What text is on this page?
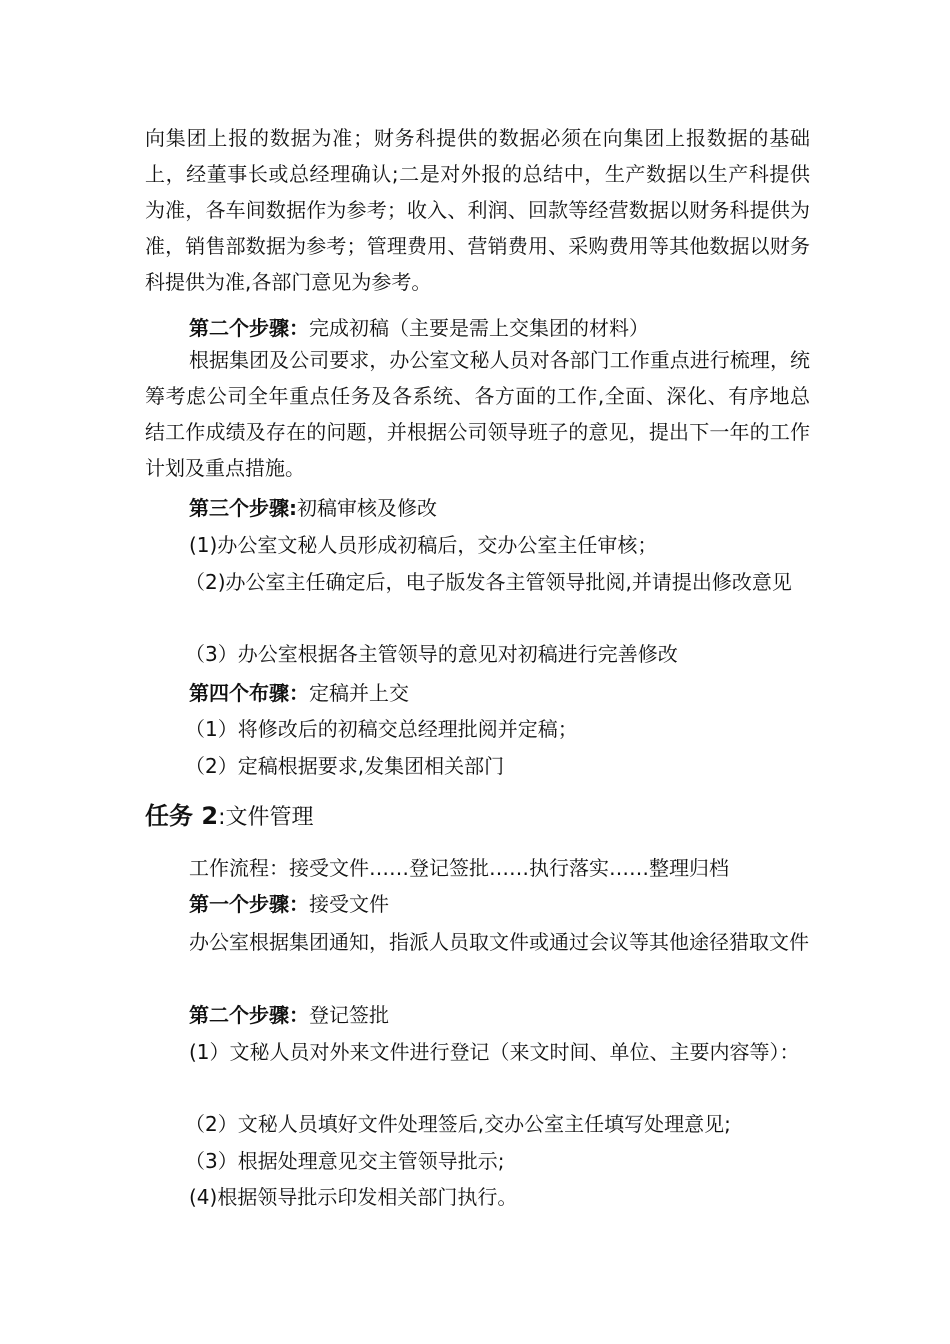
向集团上报的数据为准；财务科提供的数据必须在向集团上报数据的基础上，经董事长或总经理确认;二是对外报的总结中，生产数据以生产科提供为准，各车间数据作为参考；收入、利润、回款等经营数据以财务科提供为准，销售部数据为参考；管理费用、营销费用、采购费用等其他数据以财务科提供为准,各部门意见为参考。

第二个步骤：完成初稿（主要是需上交集团的材料）

根据集团及公司要求，办公室文秘人员对各部门工作重点进行梳理，统筹考虑公司全年重点任务及各系统、各方面的工作,全面、深化、有序地总结工作成绩及存在的问题，并根据公司领导班子的意见，提出下一年的工作计划及重点措施。

第三个步骤:初稿审核及修改

(1)办公室文秘人员形成初稿后，交办公室主任审核；

（2)办公室主任确定后，电子版发各主管领导批阅,并请提出修改意见

（3）办公室根据各主管领导的意见对初稿进行完善修改

第四个布骤：定稿并上交

（1）将修改后的初稿交总经理批阅并定稿；

（2）定稿根据要求,发集团相关部门

任务 2:文件管理

工作流程：接受文件……登记签批……执行落实……整理归档

第一个步骤：接受文件

办公室根据集团通知，指派人员取文件或通过会议等其他途径猎取文件

第二个步骤：登记签批

(1）文秘人员对外来文件进行登记（来文时间、单位、主要内容等）：

（2）文秘人员填好文件处理签后,交办公室主任填写处理意见;

（3）根据处理意见交主管领导批示;

(4)根据领导批示印发相关部门执行。
